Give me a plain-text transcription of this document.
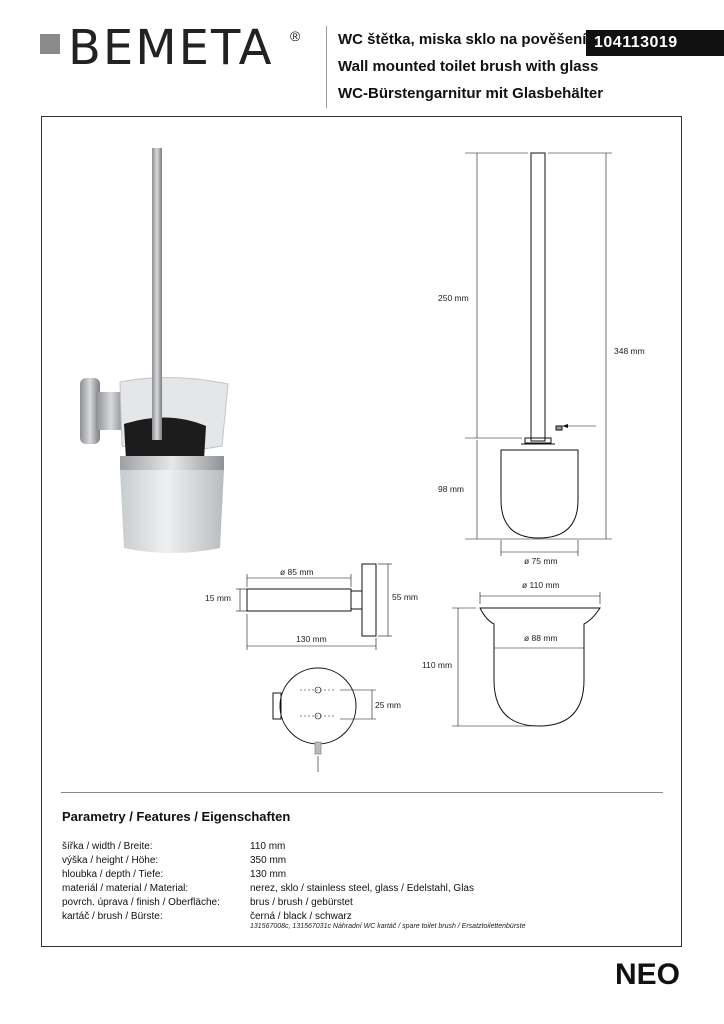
BEMETA ®	WC štětka, miska sklo na pověšení
Wall mounted toilet brush with glass
WC-Bürstengarnitur mit Glasbehälter
104113019
250 mm
348 mm
98 mm
ø 75 mm
ø 85 mm
15 mm	55 mm
130 mm
ø 110 mm
ø 88 mm
110 mm
25 mm
Parametry / Features / Eigenschaften
šířka / width / Breite:	110 mm
výška / height / Höhe:	350 mm
hloubka / depth / Tiefe:	130 mm
materiál / material / Material:	nerez, sklo / stainless steel, glass / Edelstahl, Glas
povrch. úprava / finish / Oberfläche:	brus / brush / gebürstet
kartáč / brush / Bürste:	černá / black / schwarz
131567008c, 131567031c Náhradní WC kartáč / spare toilet brush / Ersatztoilettenbürste
NEO
